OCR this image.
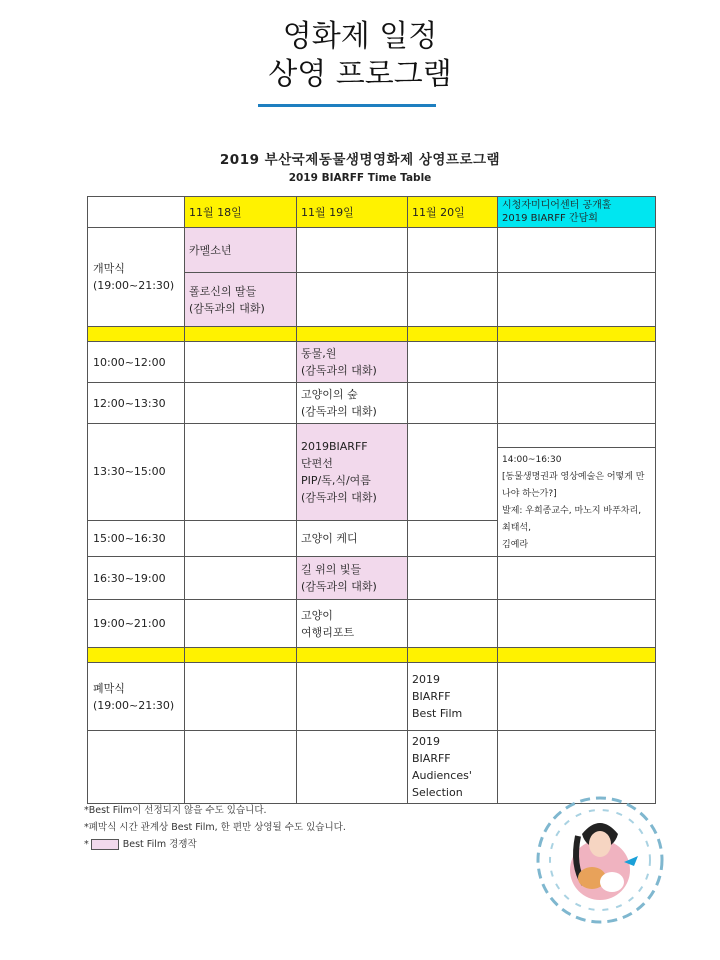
영화제 일정
상영 프로그램
2019 부산국제동물생명영화제 상영프로그램
2019 BIARFF Time Table
	11월 18일	11월 19일	11월 20일	시청자미디어센터 공개홀
2019 BIARFF 간담회
개막식
(19:00~21:30)	카멜소년			
	폴로신의 딸들
(감독과의 대화)			

10:00~12:00		동물,원
(감독과의 대화)		
12:00~13:30		고양이의 숲
(감독과의 대화)		
13:30~15:00		2019BIARFF
단편선
PIP/독,식/여름
(감독과의 대화)		
				14:00~16:30
[동물생명권과 영상예술은 어떻게 만나야 하는가?]
발제: 우희종교수, 마노지 바푸차리, 최태석,
김예라
15:00~16:30		고양이 케디		
16:30~19:00		길 위의 빛들
(감독과의 대화)		
19:00~21:00		고양이
여행리포트		

폐막식
(19:00~21:30)			2019
BIARFF
Best Film	
			2019
BIARFF
Audiences'
Selection	
*Best Film이 선정되지 않을 수도 있습니다.
*폐막식 시간 관계상 Best Film, 한 편만 상영될 수도 있습니다.
*	Best Film 경쟁작
